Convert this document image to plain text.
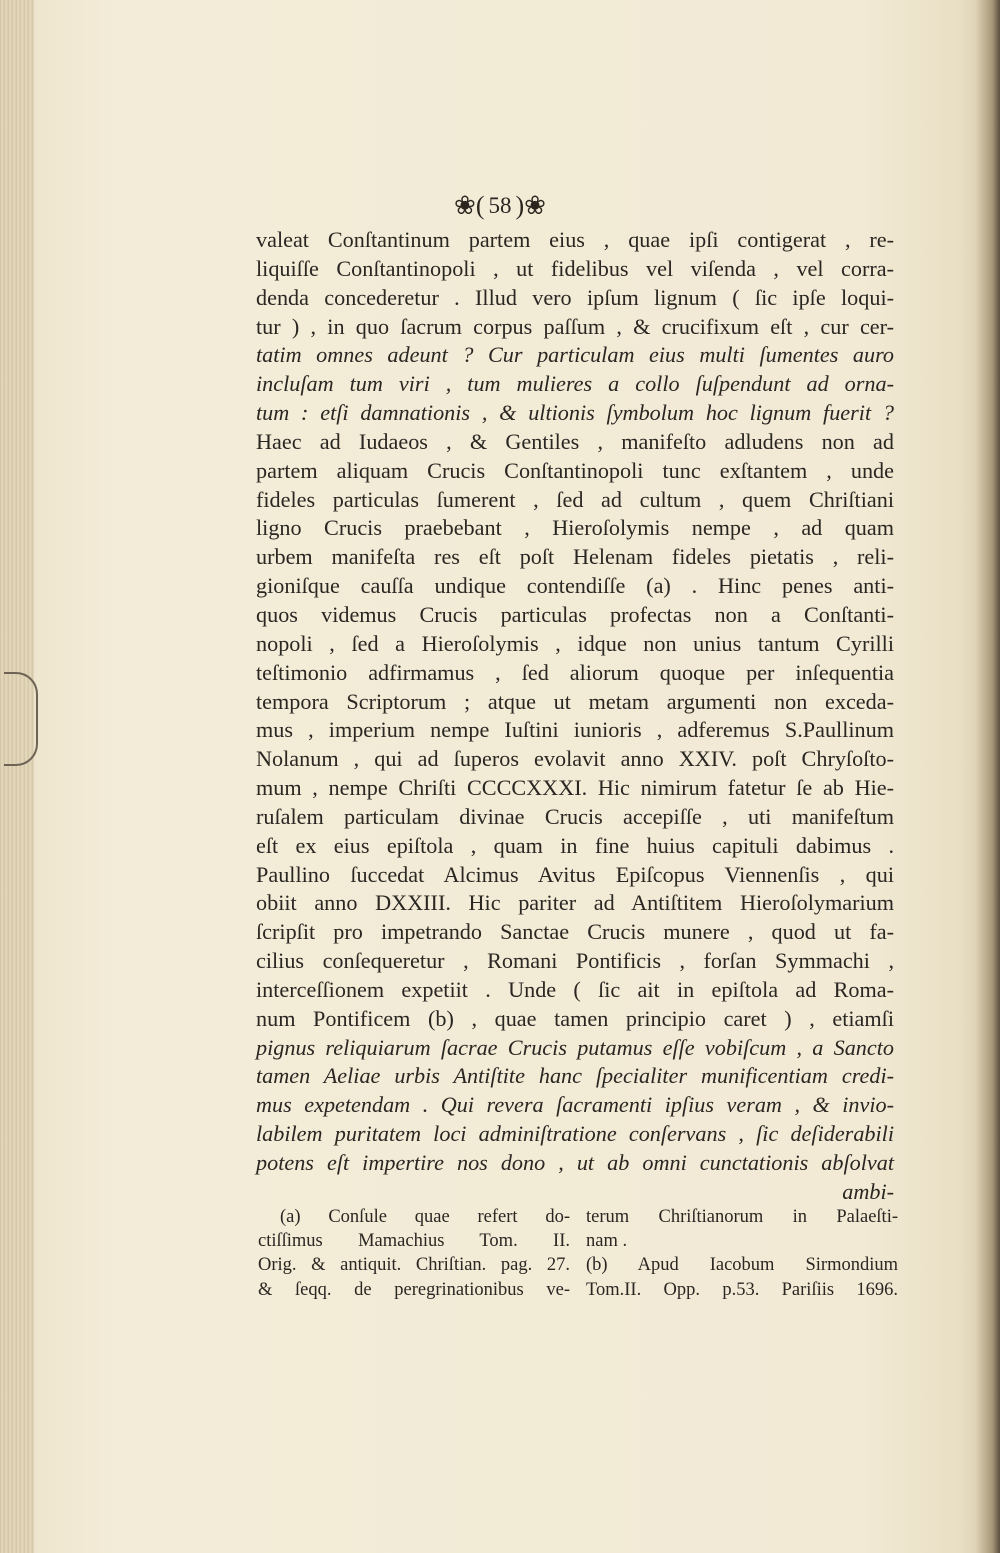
❀( 58 )❀
valeat Conſtantinum partem eius , quae ipſi contigerat , re-
liquiſſe Conſtantinopoli , ut fidelibus vel viſenda , vel corra-
denda concederetur . Illud vero ipſum lignum ( ſic ipſe loqui-
tur ) , in quo ſacrum corpus paſſum , & crucifixum eſt , cur cer-
tatim omnes adeunt ? Cur particulam eius multi ſumentes auro
incluſam tum viri , tum mulieres a collo ſuſpendunt ad orna-
tum : etſi damnationis , & ultionis ſymbolum hoc lignum fuerit ?
Haec ad Iudaeos , & Gentiles , manifeſto adludens non ad
partem aliquam Crucis Conſtantinopoli tunc exſtantem , unde
fideles particulas ſumerent , ſed ad cultum , quem Chriſtiani
ligno Crucis praebebant , Hieroſolymis nempe , ad quam
urbem manifeſta res eſt poſt Helenam fideles pietatis , reli-
gioniſque cauſſa undique contendiſſe (a) . Hinc penes anti-
quos videmus Crucis particulas profectas non a Conſtanti-
nopoli , ſed a Hieroſolymis , idque non unius tantum Cyrilli
teſtimonio adfirmamus , ſed aliorum quoque per inſequentia
tempora Scriptorum ; atque ut metam argumenti non excedа-
mus , imperium nempe Iuſtini iunioris , adferemus S.Paullinum
Nolanum , qui ad ſuperos evolavit anno XXIV. poſt Chryſoſto-
mum , nempe Chriſti CCCCXXXI. Hic nimirum fatetur ſe ab Hie-
ruſalem particulam divinae Crucis accepiſſe , uti manifeſtum
eſt ex eius epiſtola , quam in fine huius capituli dabimus .
Paullino ſuccedat Alcimus Avitus Epiſcopus Viennenſis , qui
obiit anno DXXIII. Hic pariter ad Antiſtitem Hieroſolymarium
ſcripſit pro impetrando Sanctae Crucis munere , quod ut fa-
cilius conſequeretur , Romani Pontificis , forſan Symmachi ,
interceſſionem expetiit . Unde ( ſic ait in epiſtola ad Roma-
num Pontificem (b) , quae tamen principio caret ) , etiamſi
pignus reliquiarum ſacrae Crucis putamus eſſe vobiſcum , a Sancto
tamen Aeliae urbis Antiſtite hanc ſpecialiter munificentiam credi-
mus expetendam . Qui revera ſacramenti ipſius veram , & invio-
labilem puritatem loci adminiſtratione conſervans , ſic deſiderabili
potens eſt impertire nos dono , ut ab omni cunctationis abſolvat
ambi-
(a) Conſule quae refert do-
ctiſſimus Mamachius Tom. II.
Orig. & antiquit. Chriſtian. pag. 27.
& ſeqq. de peregrinationibus ve-
terum Chriſtianorum in Palaeſti-
nam .
(b) Apud Iacobum Sirmondium
Tom.II. Opp. p.53. Pariſiis 1696.
